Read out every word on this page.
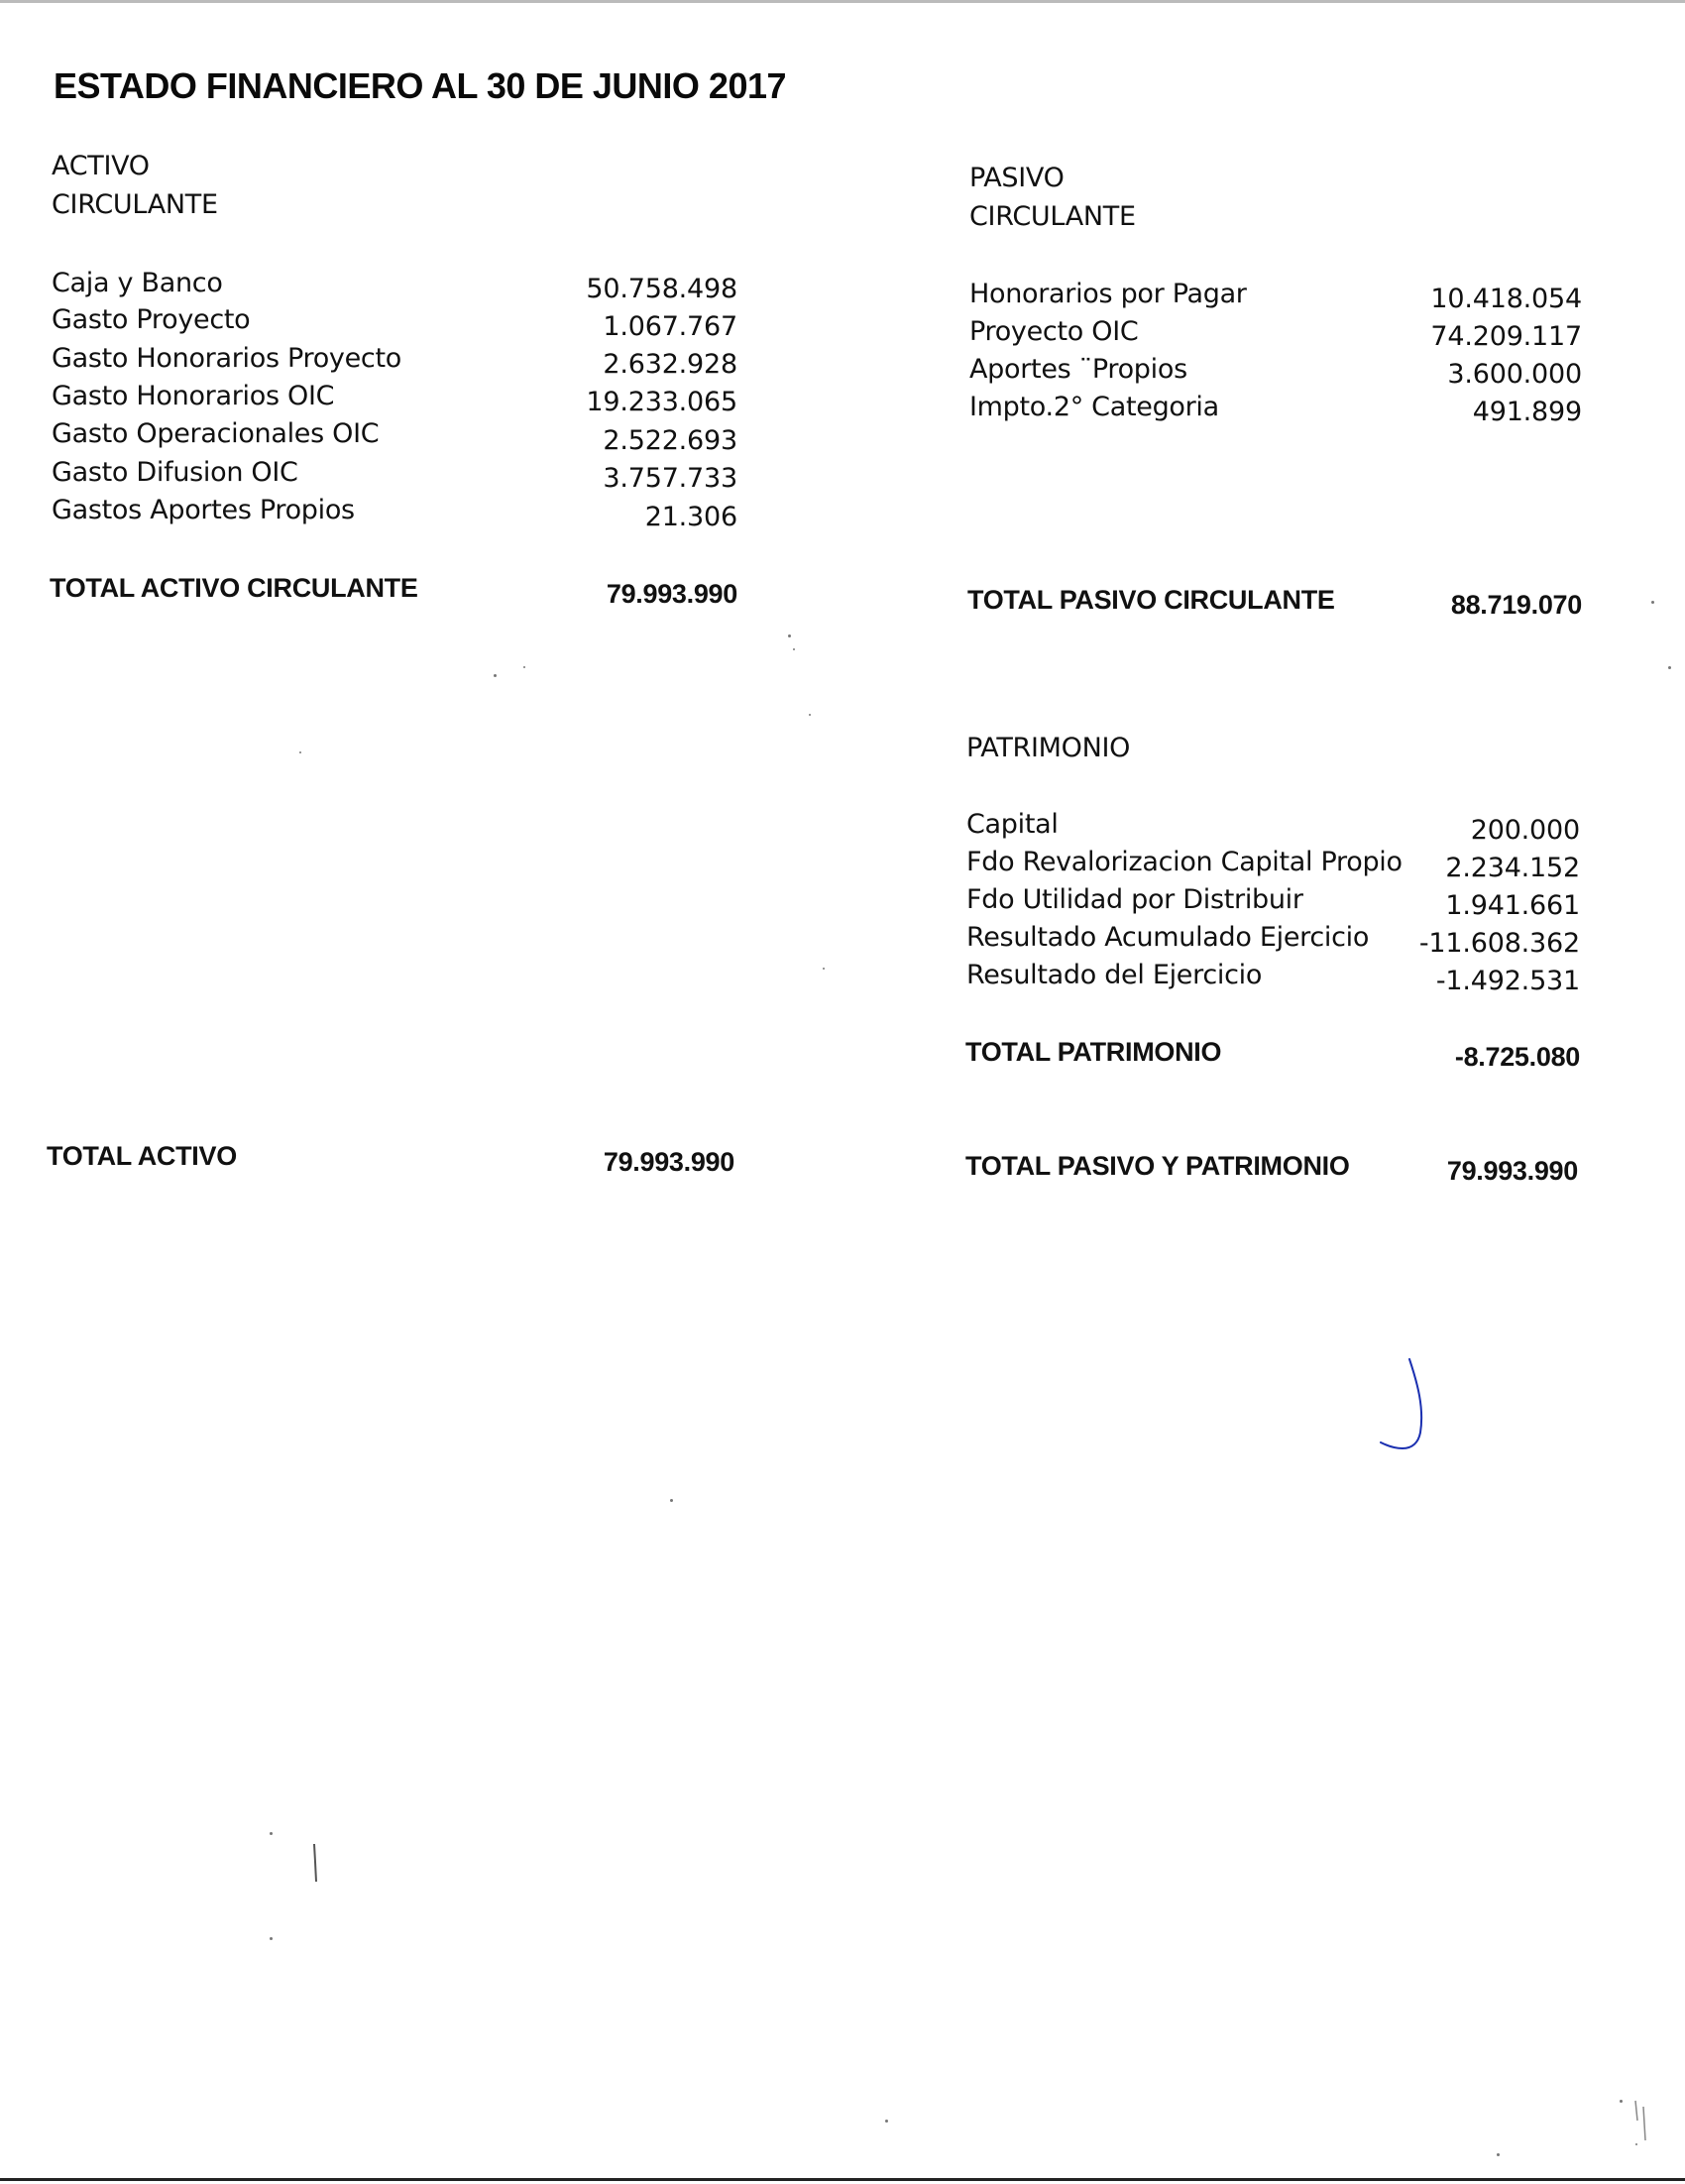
ESTADO FINANCIERO AL 30 DE JUNIO 2017
ACTIVO
CIRCULANTE
Caja y Banco	50.758.498
Gasto Proyecto	1.067.767
Gasto Honorarios Proyecto	2.632.928
Gasto Honorarios OIC	19.233.065
Gasto Operacionales OIC	2.522.693
Gasto Difusion OIC	3.757.733
Gastos Aportes Propios	21.306
TOTAL ACTIVO CIRCULANTE	79.993.990
TOTAL ACTIVO	79.993.990
PASIVO
CIRCULANTE
Honorarios por Pagar	10.418.054
Proyecto OIC	74.209.117
Aportes ¨Propios	3.600.000
Impto.2° Categoria	491.899
TOTAL PASIVO CIRCULANTE	88.719.070
PATRIMONIO
Capital	200.000
Fdo Revalorizacion Capital Propio	2.234.152
Fdo Utilidad por Distribuir	1.941.661
Resultado Acumulado Ejercicio	-11.608.362
Resultado del Ejercicio	-1.492.531
TOTAL PATRIMONIO	-8.725.080
TOTAL PASIVO Y PATRIMONIO	79.993.990
